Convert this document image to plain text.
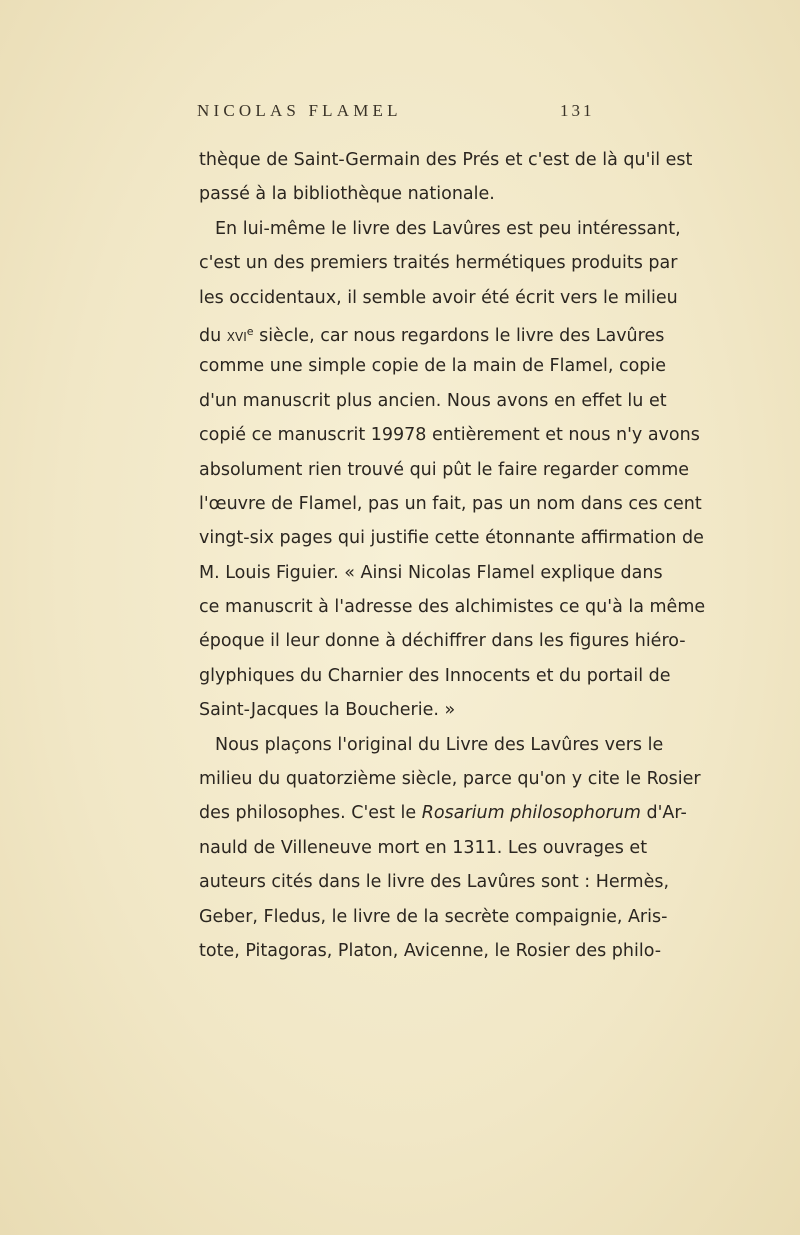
NICOLAS FLAMEL	131
thèque de Saint-Germain des Prés et c'est de là qu'il est
passé à la bibliothèque nationale.
En lui-même le livre des Lavûres est peu intéressant,
c'est un des premiers traités hermétiques produits par
les occidentaux, il semble avoir été écrit vers le milieu
du xvi$^e$ siècle, car nous regardons le livre des Lavûres
comme une simple copie de la main de Flamel, copie
d'un manuscrit plus ancien. Nous avons en effet lu et
copié ce manuscrit 19978 entièrement et nous n'y avons
absolument rien trouvé qui pût le faire regarder comme
l'œuvre de Flamel, pas un fait, pas un nom dans ces cent
vingt-six pages qui justifie cette étonnante affirmation de
M. Louis Figuier. « Ainsi Nicolas Flamel explique dans
ce manuscrit à l'adresse des alchimistes ce qu'à la même
époque il leur donne à déchiffrer dans les figures hiéro-
glyphiques du Charnier des Innocents et du portail de
Saint-Jacques la Boucherie. »
Nous plaçons l'original du Livre des Lavûres vers le
milieu du quatorzième siècle, parce qu'on y cite le Rosier
des philosophes. C'est le Rosarium philosophorum d'Ar-
nauld de Villeneuve mort en 1311. Les ouvrages et
auteurs cités dans le livre des Lavûres sont : Hermès,
Geber, Fledus, le livre de la secrète compaignie, Aris-
tote, Pitagoras, Platon, Avicenne, le Rosier des philo-
